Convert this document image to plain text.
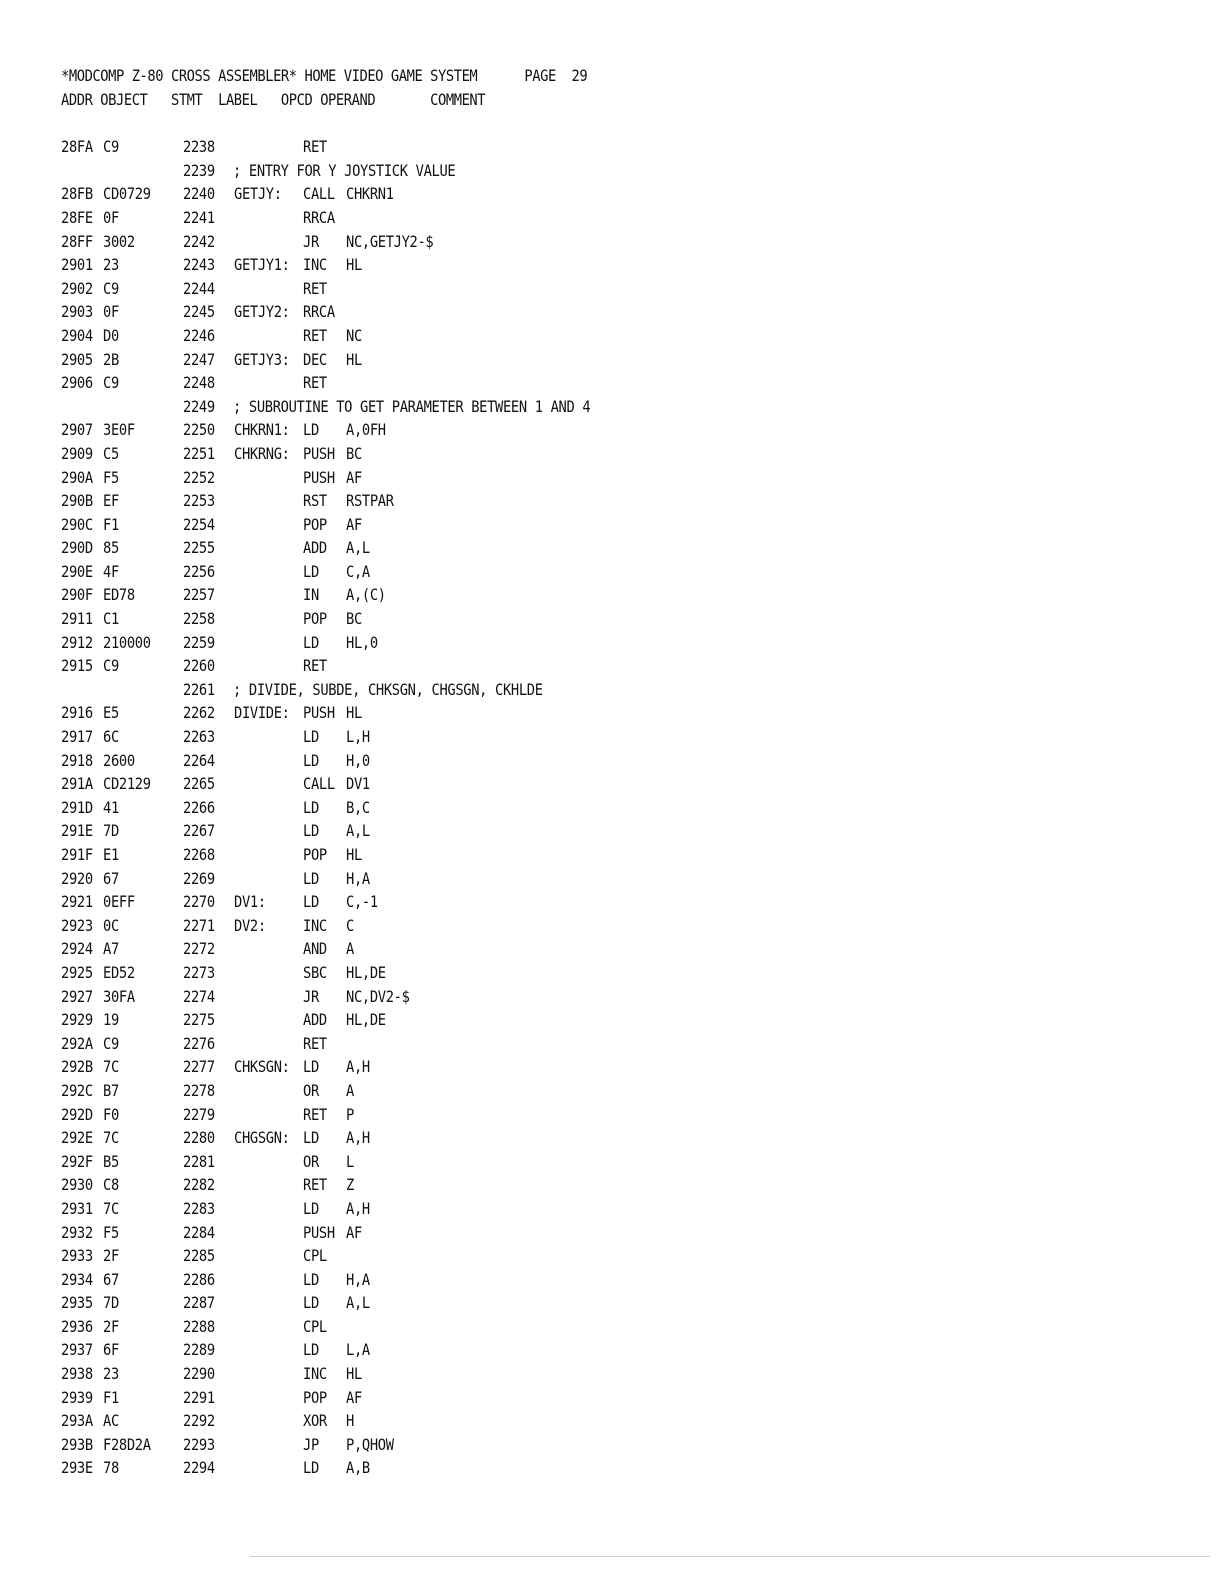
*MODCOMP Z-80 CROSS ASSEMBLER* HOME VIDEO GAME SYSTEM      PAGE  29
ADDR OBJECT   STMT  LABEL   OPCD OPERAND       COMMENT
28FA C9	2238	RET
2239 ; ENTRY FOR Y JOYSTICK VALUE
28FB CD0729 2240 GETJY: CALL CHKRN1
28FE 0F	2241	RRCA
28FF 3002	2242	JR NC,GETJY2-$
2901 23	2243 GETJY1: INC HL
2902 C9	2244	RET
2903 0F	2245 GETJY2: RRCA
2904 D0	2246	RET NC
2905 2B	2247 GETJY3: DEC HL
2906 C9	2248	RET
2249 ; SUBROUTINE TO GET PARAMETER BETWEEN 1 AND 4
2907 3E0F	2250 CHKRN1: LD A,0FH
2909 C5	2251 CHKRNG: PUSH BC
290A F5	2252	PUSH AF
290B EF	2253	RST RSTPAR
290C F1	2254	POP AF
290D 85	2255	ADD A,L
290E 4F	2256	LD C,A
290F ED78	2257	IN A,(C)
2911 C1	2258	POP BC
2912 210000 2259	LD HL,0
2915 C9	2260	RET
2261 ; DIVIDE, SUBDE, CHKSGN, CHGSGN, CKHLDE
2916 E5	2262 DIVIDE: PUSH HL
2917 6C	2263	LD L,H
2918 2600	2264	LD H,0
291A CD2129 2265	CALL DV1
291D 41	2266	LD B,C
291E 7D	2267	LD A,L
291F E1	2268	POP HL
2920 67	2269	LD H,A
2921 0EFF	2270 DV1: LD C,-1
2923 0C	2271 DV2: INC C
2924 A7	2272	AND A
2925 ED52	2273	SBC HL,DE
2927 30FA	2274	JR NC,DV2-$
2929 19	2275	ADD HL,DE
292A C9	2276	RET
292B 7C	2277 CHKSGN: LD A,H
292C B7	2278	OR A
292D F0	2279	RET P
292E 7C	2280 CHGSGN: LD A,H
292F B5	2281	OR L
2930 C8	2282	RET Z
2931 7C	2283	LD A,H
2932 F5	2284	PUSH AF
2933 2F	2285	CPL
2934 67	2286	LD H,A
2935 7D	2287	LD A,L
2936 2F	2288	CPL
2937 6F	2289	LD L,A
2938 23	2290	INC HL
2939 F1	2291	POP AF
293A AC	2292	XOR H
293B F28D2A 2293	JP P,QHOW
293E 78	2294	LD A,B
